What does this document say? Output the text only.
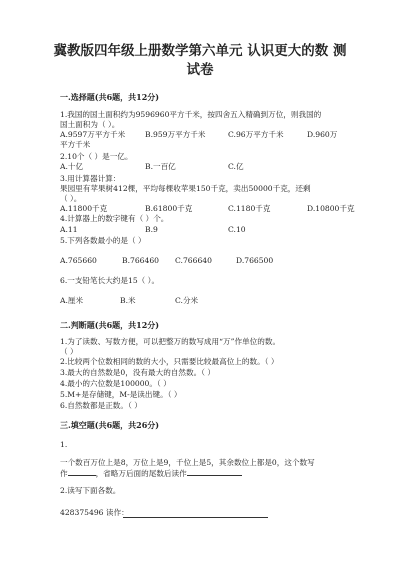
冀教版四年级上册数学第六单元 认识更大的数 测
试卷
一.选择题(共6题，共12分)
1.我国的国土面积约为9596960平方千米，按四舍五入精确到万位，则我国的
国土面积为（ ）。
A.9597万平方千米	B.959万平方千米	C.96万平方千米	D.960万
平方千米
2.10个（ ）是一亿。
A.十亿	B.一百亿	C.亿
3.用计算器计算：
果园里有苹果树412棵，平均每棵收苹果150千克，卖出50000千克，还剩
（ ）。
A.11800千克	B.61800千克	C.1180千克	D.10800千克
4.计算器上的数字键有（ ）个。
A.11	B.9	C.10
5.下列各数最小的是（ ）
A.765660	B.766460 C.766640	D.766500
6.一支铅笔长大约是15（ ）。
A.厘米	B.米	C.分米
二.判断题(共6题，共12分)
1.为了读数、写数方便，可以把整万的数写成用“万”作单位的数。
（ ）
2.比较两个位数相同的数的大小，只需要比较最高位上的数。（ ）
3.最大的自然数是0，没有最大的自然数。（ ）
4.最小的六位数是100000。（ ）
5.M+是存储键，M-是读出键。（ ）
6.自然数都是正数。（ ）
三.填空题(共6题，共26分)
1.
一个数百万位上是8，万位上是9，千位上是5，其余数位上都是0，这个数写
作	，省略万后面的尾数后读作
2.读写下面各数。
428375496 读作：
